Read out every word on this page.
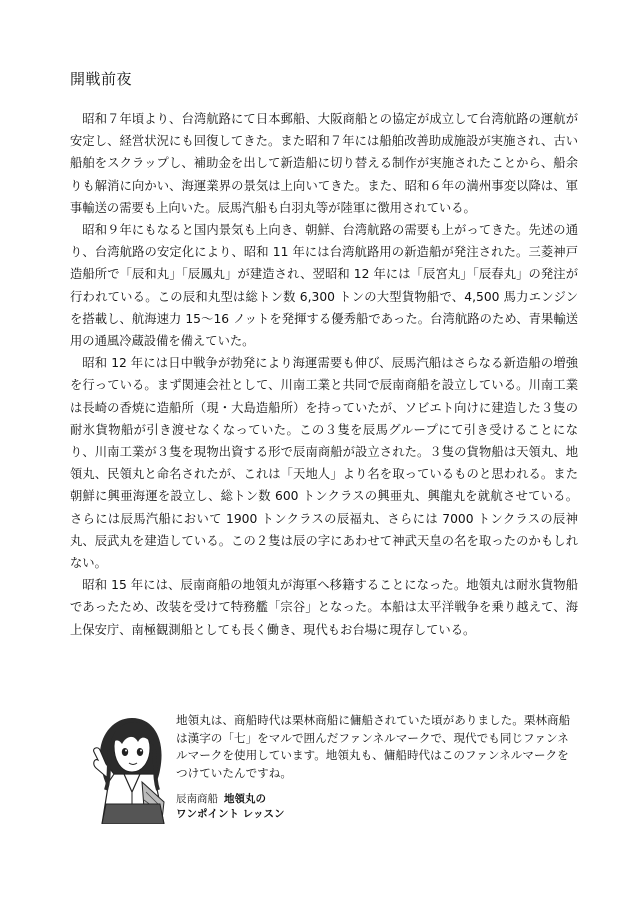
開戦前夜

昭和７年頃より、台湾航路にて日本郵船、大阪商船との協定が成立して台湾航路の運航が安定し、経営状況にも回復してきた。また昭和７年には船舶改善助成施設が実施され、古い船舶をスクラップし、補助金を出して新造船に切り替える制作が実施されたことから、船余りも解消に向かい、海運業界の景気は上向いてきた。また、昭和６年の満州事変以降は、軍事輸送の需要も上向いた。辰馬汽船も白羽丸等が陸軍に徴用されている。

昭和９年にもなると国内景気も上向き、朝鮮、台湾航路の需要も上がってきた。先述の通り、台湾航路の安定化により、昭和 11 年には台湾航路用の新造船が発注された。三菱神戸造船所で「辰和丸」「辰鳳丸」が建造され、翌昭和 12 年には「辰宮丸」「辰春丸」の発注が行われている。この辰和丸型は総トン数 6,300 トンの大型貨物船で、4,500 馬力エンジンを搭載し、航海速力 15〜16 ノットを発揮する優秀船であった。台湾航路のため、青果輸送用の通風冷蔵設備を備えていた。

昭和 12 年には日中戦争が勃発により海運需要も伸び、辰馬汽船はさらなる新造船の増強を行っている。まず関連会社として、川南工業と共同で辰南商船を設立している。川南工業は長崎の香焼に造船所（現・大島造船所）を持っていたが、ソビエト向けに建造した３隻の耐氷貨物船が引き渡せなくなっていた。この３隻を辰馬グループにて引き受けることになり、川南工業が３隻を現物出資する形で辰南商船が設立された。３隻の貨物船は天領丸、地領丸、民領丸と命名されたが、これは「天地人」より名を取っているものと思われる。また朝鮮に興亜海運を設立し、総トン数 600 トンクラスの興亜丸、興龍丸を就航させている。さらには辰馬汽船において 1900 トンクラスの辰福丸、さらには 7000 トンクラスの辰神丸、辰武丸を建造している。この２隻は辰の字にあわせて神武天皇の名を取ったのかもしれない。

昭和 15 年には、辰南商船の地領丸が海軍へ移籍することになった。地領丸は耐氷貨物船であったため、改装を受けて特務艦「宗谷」となった。本船は太平洋戦争を乗り越えて、海上保安庁、南極観測船としても長く働き、現代もお台場に現存している。

地領丸は、商船時代は栗林商船に傭船されていた頃がありました。栗林商船は漢字の「七」をマルで囲んだファンネルマークで、現代でも同じファンネルマークを使用しています。地領丸も、傭船時代はこのファンネルマークをつけていたんですね。

辰南商船 地領丸の
ワンポイント レッスン
